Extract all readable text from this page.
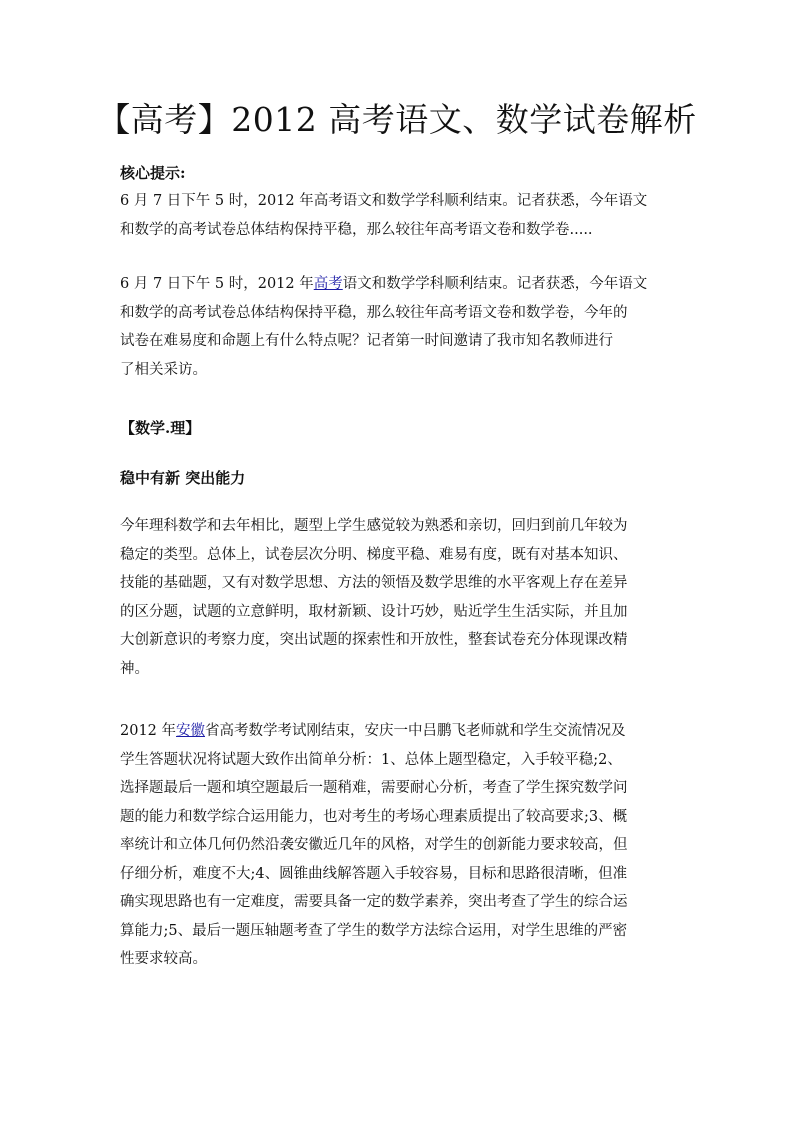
【高考】2012 高考语文、数学试卷解析

核心提示:

6 月 7 日下午 5 时，2012 年高考语文和数学学科顺利结束。记者获悉，今年语文
和数学的高考试卷总体结构保持平稳，那么较往年高考语文卷和数学卷.....

6 月 7 日下午 5 时，2012 年高考语文和数学学科顺利结束。记者获悉，今年语文
和数学的高考试卷总体结构保持平稳，那么较往年高考语文卷和数学卷，今年的
试卷在难易度和命题上有什么特点呢？记者第一时间邀请了我市知名教师进行
了相关采访。

【数学.理】

稳中有新 突出能力

今年理科数学和去年相比，题型上学生感觉较为熟悉和亲切，回归到前几年较为
稳定的类型。总体上，试卷层次分明、梯度平稳、难易有度，既有对基本知识、
技能的基础题，又有对数学思想、方法的领悟及数学思维的水平客观上存在差异
的区分题，试题的立意鲜明，取材新颖、设计巧妙，贴近学生生活实际，并且加
大创新意识的考察力度，突出试题的探索性和开放性，整套试卷充分体现课改精
神。

2012 年安徽省高考数学考试刚结束，安庆一中吕鹏飞老师就和学生交流情况及
学生答题状况将试题大致作出简单分析：1、总体上题型稳定，入手较平稳;2、
选择题最后一题和填空题最后一题稍难，需要耐心分析，考查了学生探究数学问
题的能力和数学综合运用能力，也对考生的考场心理素质提出了较高要求;3、概
率统计和立体几何仍然沿袭安徽近几年的风格，对学生的创新能力要求较高，但
仔细分析，难度不大;4、圆锥曲线解答题入手较容易，目标和思路很清晰，但准
确实现思路也有一定难度，需要具备一定的数学素养，突出考查了学生的综合运
算能力;5、最后一题压轴题考查了学生的数学方法综合运用，对学生思维的严密
性要求较高。
